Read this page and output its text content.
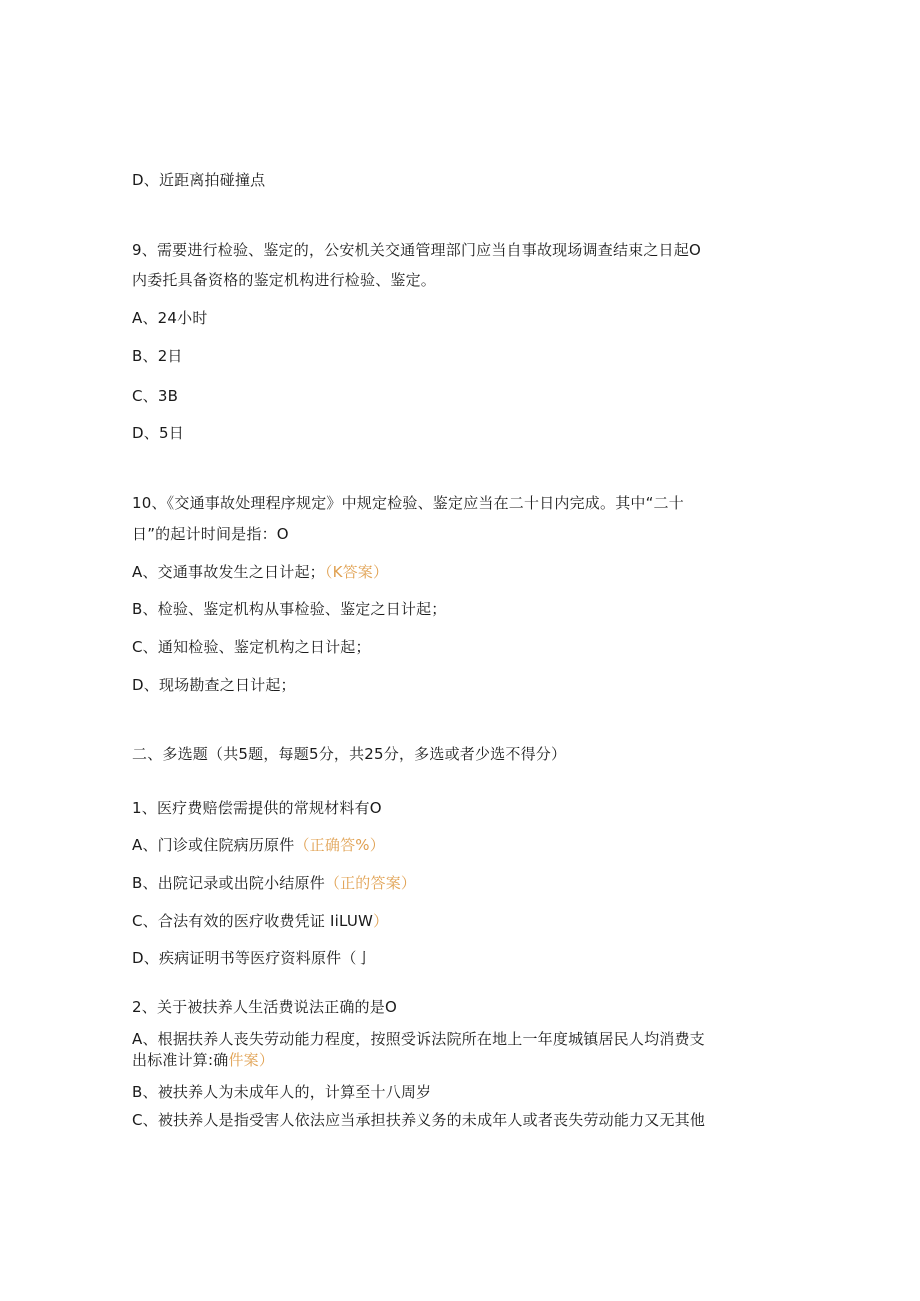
D、近距离拍碰撞点
9、需要进行检验、鉴定的，公安机关交通管理部门应当自事故现场调查结束之日起O
内委托具备资格的鉴定机构进行检验、鉴定。
A、24小时
B、2日
C、3B
D、5日
10、《交通事故处理程序规定》中规定检验、鉴定应当在二十日内完成。其中“二十
日”的起计时间是指：O
A、交通事故发生之日计起；（K答案）
B、检验、鉴定机构从事检验、鉴定之日计起；
C、通知检验、鉴定机构之日计起；
D、现场勘查之日计起；
二、多选题（共5题，每题5分，共25分，多选或者少选不得分）
1、医疗费赔偿需提供的常规材料有O
A、门诊或住院病历原件（正确答%）
B、出院记录或出院小结原件（正的答案）
C、合法有效的医疗收费凭证 IiLUW）
D、疾病证明书等医疗资料原件（亅
2、关于被扶养人生活费说法正确的是O
A、根据扶养人丧失劳动能力程度，按照受诉法院所在地上一年度城镇居民人均消费支
出标准计算:确件案）
B、被扶养人为未成年人的，计算至十八周岁
C、被扶养人是指受害人依法应当承担扶养义务的未成年人或者丧失劳动能力又无其他
